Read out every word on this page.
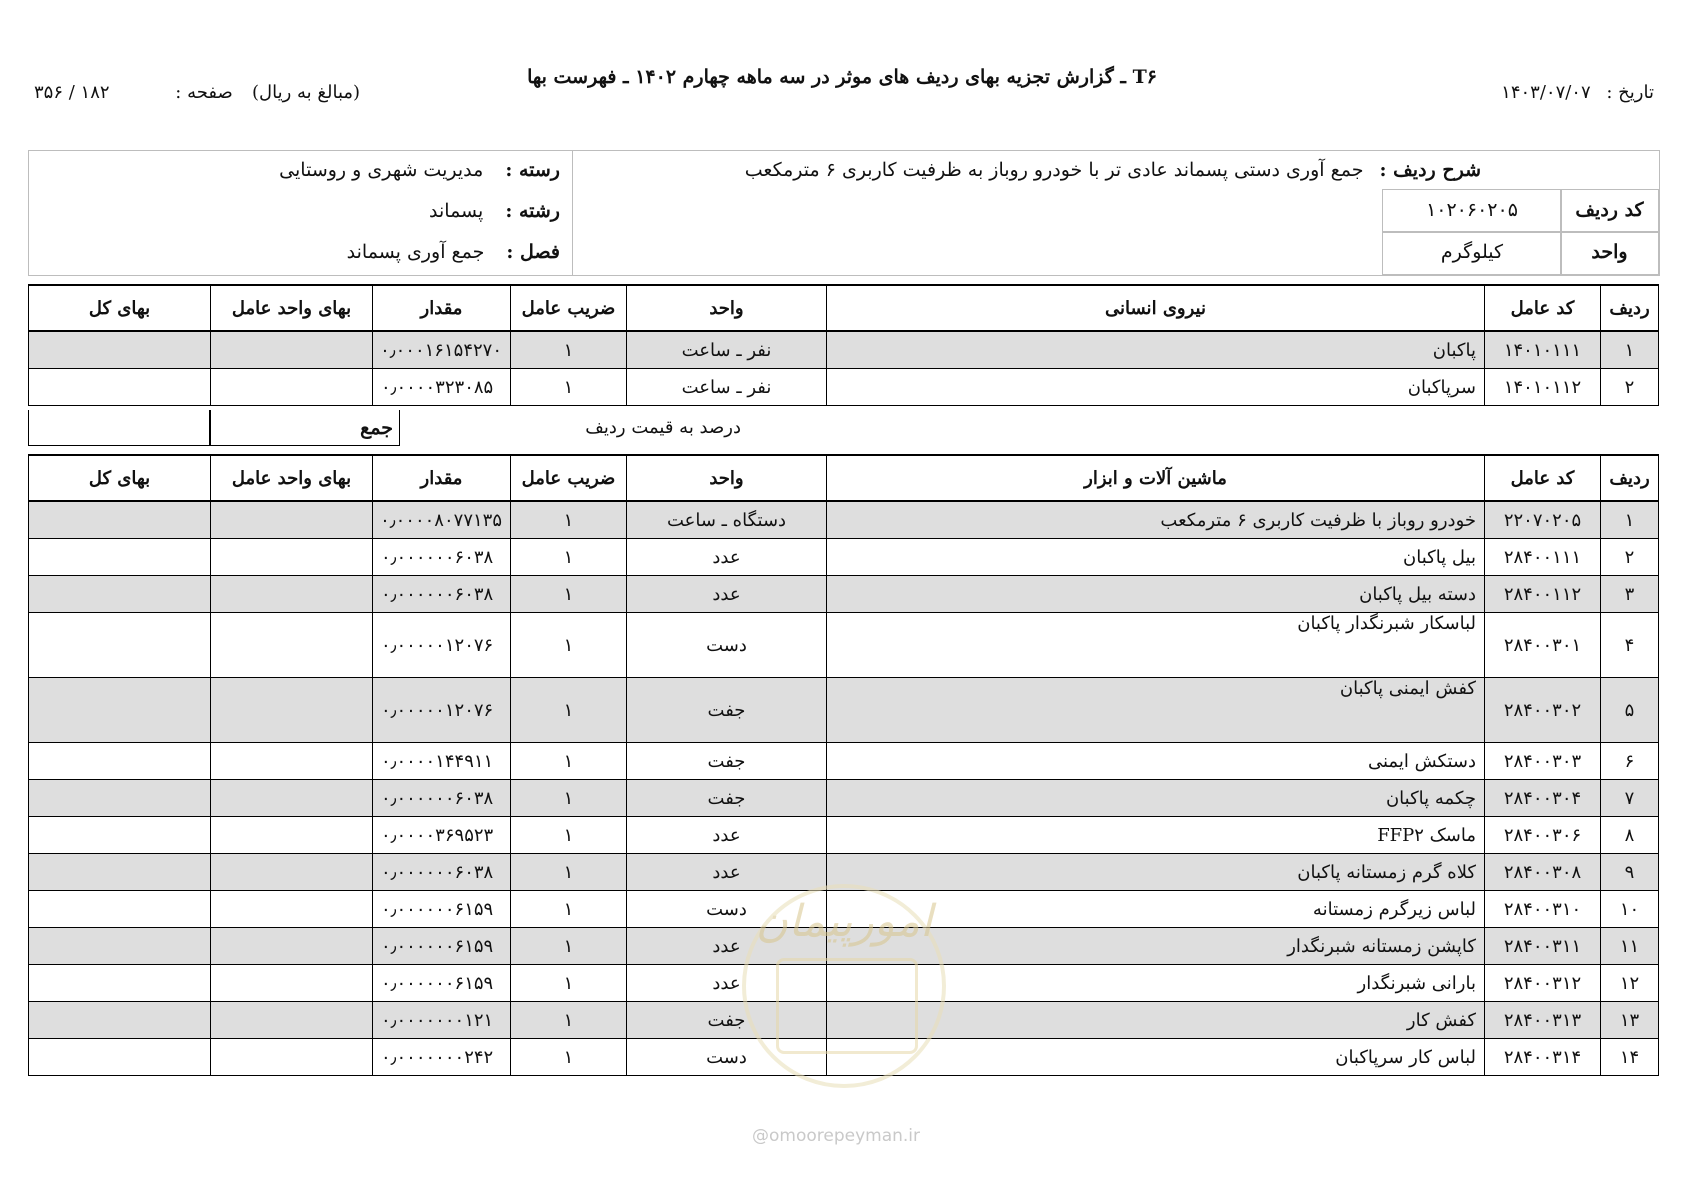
T۶ ـ گزارش تجزیه بهای ردیف های موثر در سه ماهه چهارم ۱۴۰۲ ـ فهرست بها
تاریخ : ۱۴۰۳/۰۷/۰۷
(مبالغ به ریال)
صفحه : ۱۸۲ / ۳۵۶
شرح ردیف : جمع آوری دستی پسماند عادی تر با خودرو روباز به ظرفیت کاربری ۶ مترمکعب
کد ردیف
۱۰۲۰۶۰۲۰۵
واحد
کیلوگرم
رسته : مدیریت شهری و روستایی
رشته : پسماند
فصل : جمع آوری پسماند
ردیف	کد عامل	نیروی انسانی	واحد	ضریب عامل	مقدار	بهای واحد عامل	بهای کل
۱	۱۴۰۱۰۱۱۱	پاکبان	نفر ـ ساعت	۱	۰٫۰۰۰۱۶۱۵۴۲۷۰		
۲	۱۴۰۱۰۱۱۲	سرپاکبان	نفر ـ ساعت	۱	۰٫۰۰۰۰۳۲۳۰۸۵		
درصد به قیمت ردیف
جمع
ردیف	کد عامل	ماشین آلات و ابزار	واحد	ضریب عامل	مقدار	بهای واحد عامل	بهای کل
۱	۲۲۰۷۰۲۰۵	خودرو روباز با ظرفیت کاربری ۶ مترمکعب	دستگاه ـ ساعت	۱	۰٫۰۰۰۰۸۰۷۷۱۳۵		
۲	۲۸۴۰۰۱۱۱	بیل پاکبان	عدد	۱	۰٫۰۰۰۰۰۰۶۰۳۸		
۳	۲۸۴۰۰۱۱۲	دسته بیل پاکبان	عدد	۱	۰٫۰۰۰۰۰۰۶۰۳۸		
۴	۲۸۴۰۰۳۰۱	لباسکار شبرنگدار پاکبان	دست	۱	۰٫۰۰۰۰۰۱۲۰۷۶		
۵	۲۸۴۰۰۳۰۲	کفش ایمنی پاکبان	جفت	۱	۰٫۰۰۰۰۰۱۲۰۷۶		
۶	۲۸۴۰۰۳۰۳	دستکش ایمنی	جفت	۱	۰٫۰۰۰۰۱۴۴۹۱۱		
۷	۲۸۴۰۰۳۰۴	چکمه پاکبان	جفت	۱	۰٫۰۰۰۰۰۰۶۰۳۸		
۸	۲۸۴۰۰۳۰۶	ماسک FFP۲	عدد	۱	۰٫۰۰۰۰۳۶۹۵۲۳		
۹	۲۸۴۰۰۳۰۸	کلاه گرم زمستانه پاکبان	عدد	۱	۰٫۰۰۰۰۰۰۶۰۳۸		
۱۰	۲۸۴۰۰۳۱۰	لباس زیرگرم زمستانه	دست	۱	۰٫۰۰۰۰۰۰۶۱۵۹		
۱۱	۲۸۴۰۰۳۱۱	کاپشن زمستانه شبرنگدار	عدد	۱	۰٫۰۰۰۰۰۰۶۱۵۹		
۱۲	۲۸۴۰۰۳۱۲	بارانی شبرنگدار	عدد	۱	۰٫۰۰۰۰۰۰۶۱۵۹		
۱۳	۲۸۴۰۰۳۱۳	کفش کار	جفت	۱	۰٫۰۰۰۰۰۰۰۱۲۱		
۱۴	۲۸۴۰۰۳۱۴	لباس کار سرپاکبان	دست	۱	۰٫۰۰۰۰۰۰۰۲۴۲		
امورپیمان
@omoorepeyman.ir
